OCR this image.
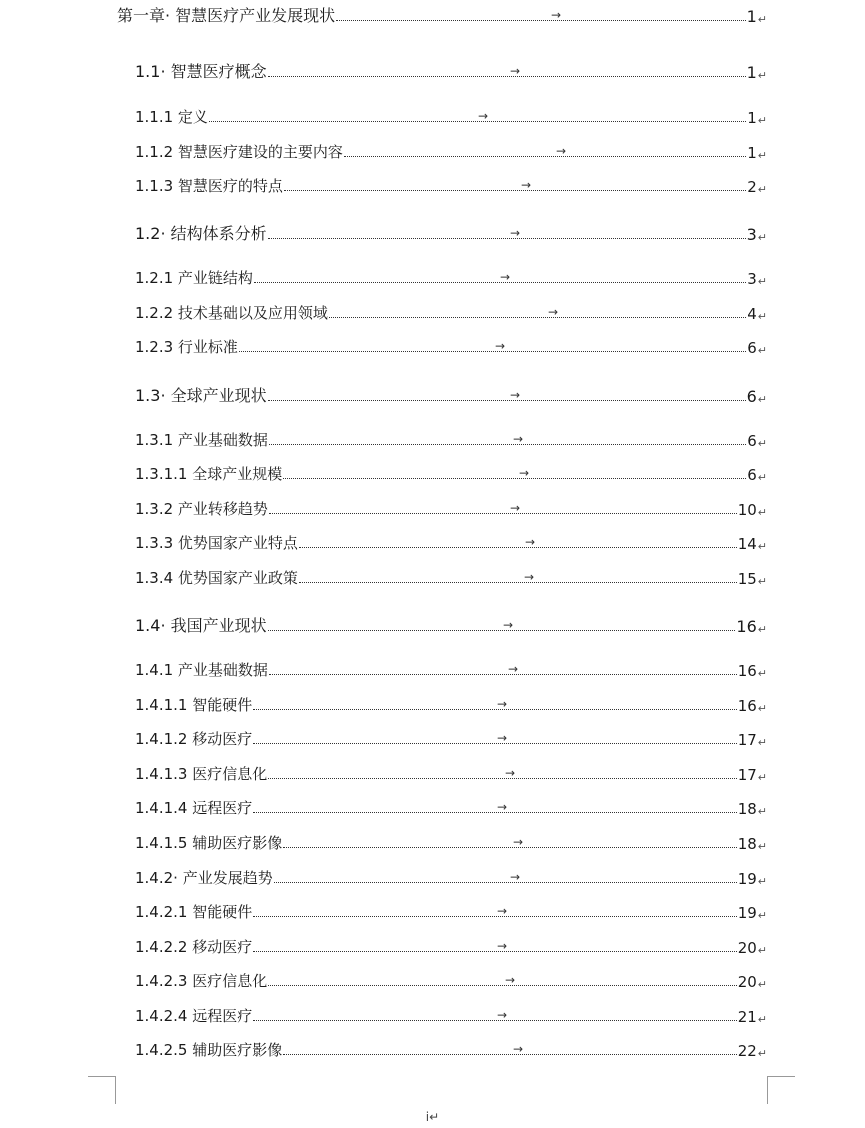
第一章· 智慧医疗产业发展现状	1 ↵
→
1.1· 智慧医疗概念	1 ↵
→
1.1.1 定义	1 ↵
→
1.1.2 智慧医疗建设的主要内容	1 ↵
→
1.1.3 智慧医疗的特点	2 ↵
→
1.2· 结构体系分析	3 ↵
→
1.2.1 产业链结构	3 ↵
→
1.2.2 技术基础以及应用领域	4 ↵
→
1.2.3 行业标准	6 ↵
→
1.3· 全球产业现状	6 ↵
→
1.3.1 产业基础数据	6 ↵
→
1.3.1.1 全球产业规模	6 ↵
→
1.3.2 产业转移趋势	10 ↵
→
1.3.3 优势国家产业特点	14 ↵
→
1.3.4 优势国家产业政策	15 ↵
→
1.4· 我国产业现状	16 ↵
→
1.4.1 产业基础数据	16 ↵
→
1.4.1.1 智能硬件	16 ↵
→
1.4.1.2 移动医疗	17 ↵
→
1.4.1.3 医疗信息化	17 ↵
→
1.4.1.4 远程医疗	18 ↵
→
1.4.1.5 辅助医疗影像	18 ↵
→
1.4.2· 产业发展趋势	19 ↵
→
1.4.2.1 智能硬件	19 ↵
→
1.4.2.2 移动医疗	20 ↵
→
1.4.2.3 医疗信息化	20 ↵
→
1.4.2.4 远程医疗	21 ↵
→
1.4.2.5 辅助医疗影像	22 ↵
→
i↵
